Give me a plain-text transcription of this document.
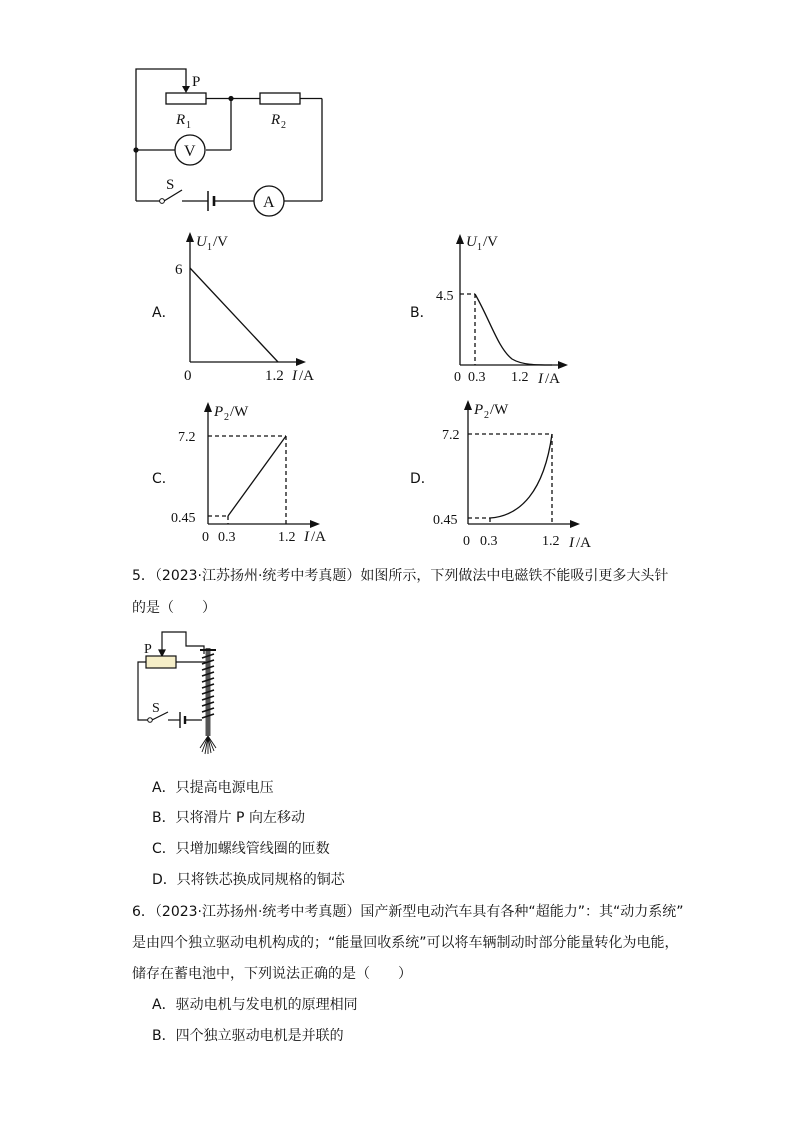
P
R 1	R 2
V
S
A
A．
U 1 /V
6
0	1.2 I /A
B．
U 1 /V
4.5
0 0.3 1.2 I /A
C．
P 2 /W
7.2
0.45
0 0.3	1.2 I /A
D．
P 2 /W
7.2
0.45
0 0.3	1.2 I /A
5．（2023·江苏扬州·统考中考真题）如图所示，下列做法中电磁铁不能吸引更多大头针
的是（　　）
P
S
A．只提高电源电压
B．只将滑片 P 向左移动
C．只增加螺线管线圈的匝数
D．只将铁芯换成同规格的铜芯
6．（2023·江苏扬州·统考中考真题）国产新型电动汽车具有各种“超能力”：其“动力系统”
是由四个独立驱动电机构成的；“能量回收系统”可以将车辆制动时部分能量转化为电能，
储存在蓄电池中，下列说法正确的是（　　）
A．驱动电机与发电机的原理相同
B．四个独立驱动电机是并联的
